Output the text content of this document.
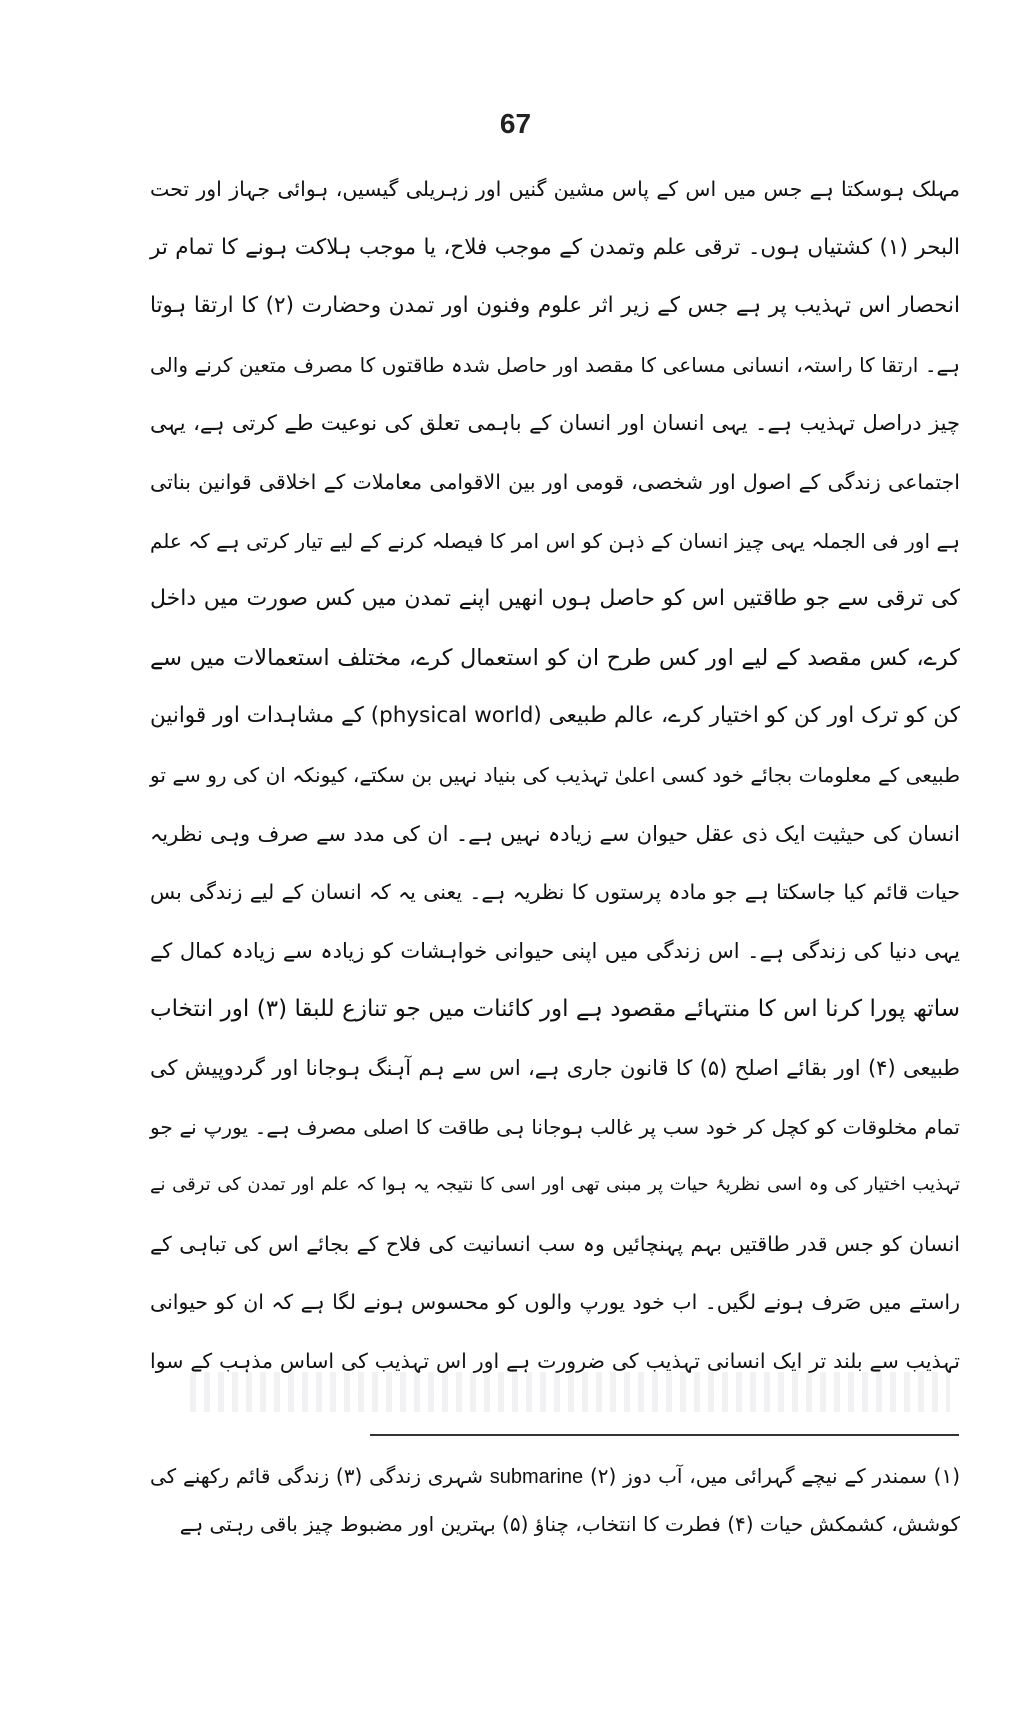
67
مہلک ہوسکتا ہے جس میں اس کے پاس مشین گنیں اور زہریلی گیسیں، ہوائی جہاز اور تحت
البحر (۱) کشتیاں ہوں۔ ترقی علم وتمدن کے موجب فلاح، یا موجب ہلاکت ہونے کا تمام تر
انحصار اس تہذیب پر ہے جس کے زیر اثر علوم وفنون اور تمدن وحضارت (۲) کا ارتقا ہوتا
ہے۔ ارتقا کا راستہ، انسانی مساعی کا مقصد اور حاصل شدہ طاقتوں کا مصرف متعین کرنے والی
چیز دراصل تہذیب ہے۔ یہی انسان اور انسان کے باہمی تعلق کی نوعیت طے کرتی ہے، یہی
اجتماعی زندگی کے اصول اور شخصی، قومی اور بین الاقوامی معاملات کے اخلاقی قوانین بناتی
ہے اور فی الجملہ یہی چیز انسان کے ذہن کو اس امر کا فیصلہ کرنے کے لیے تیار کرتی ہے کہ علم
کی ترقی سے جو طاقتیں اس کو حاصل ہوں انھیں اپنے تمدن میں کس صورت میں داخل
کرے، کس مقصد کے لیے اور کس طرح ان کو استعمال کرے، مختلف استعمالات میں سے
کن کو ترک اور کن کو اختیار کرے، عالم طبیعی (physical world) کے مشاہدات اور قوانین
طبیعی کے معلومات بجائے خود کسی اعلیٰ تہذیب کی بنیاد نہیں بن سکتے، کیونکہ ان کی رو سے تو
انسان کی حیثیت ایک ذی عقل حیوان سے زیادہ نہیں ہے۔ ان کی مدد سے صرف وہی نظریہ
حیات قائم کیا جاسکتا ہے جو مادہ پرستوں کا نظریہ ہے۔ یعنی یہ کہ انسان کے لیے زندگی بس
یہی دنیا کی زندگی ہے۔ اس زندگی میں اپنی حیوانی خواہشات کو زیادہ سے زیادہ کمال کے
ساتھ پورا کرنا اس کا منتہائے مقصود ہے اور کائنات میں جو تنازع للبقا (۳) اور انتخاب
طبیعی (۴) اور بقائے اصلح (۵) کا قانون جاری ہے، اس سے ہم آہنگ ہوجانا اور گردوپیش کی
تمام مخلوقات کو کچل کر خود سب پر غالب ہوجانا ہی طاقت کا اصلی مصرف ہے۔ یورپ نے جو
تہذیب اختیار کی وہ اسی نظریۂ حیات پر مبنی تھی اور اسی کا نتیجہ یہ ہوا کہ علم اور تمدن کی ترقی نے
انسان کو جس قدر طاقتیں بہم پہنچائیں وہ سب انسانیت کی فلاح کے بجائے اس کی تباہی کے
راستے میں صَرف ہونے لگیں۔ اب خود یورپ والوں کو محسوس ہونے لگا ہے کہ ان کو حیوانی
تہذیب سے بلند تر ایک انسانی تہذیب کی ضرورت ہے اور اس تہذیب کی اساس مذہب کے سوا
(۱) سمندر کے نیچے گہرائی میں، آب دوز submarine (۲) شہری زندگی (۳) زندگی قائم رکھنے کی
کوشش، کشمکش حیات (۴) فطرت کا انتخاب، چناؤ (۵) بہترین اور مضبوط چیز باقی رہتی ہے
